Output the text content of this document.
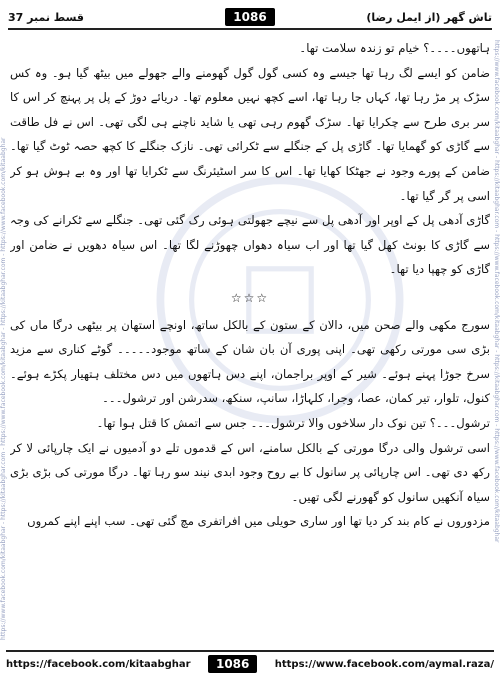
قسط نمبر 37	1086	تاش گھر (از ایمل رضا)
https://www.facebook.com/kitaabghar - https://kitaabghar.com - https://www.facebook.com/kitaabghar - https://kitaabghar.com - https://www.facebook.com/kitaabghar	https://www.facebook.com/kitaabghar - https://kitaabghar.com - https://www.facebook.com/kitaabghar - https://kitaabghar.com - https://www.facebook.com/kitaabghar

ہاتھوں۔۔۔۔؟ خیام تو زندہ سلامت تھا۔

ضامن کو ایسے لگ رہا تھا جیسے وہ کسی گول گول گھومنے والے جھولے میں بیٹھ گیا ہو۔ وہ کس سڑک پر مڑ رہا تھا، کہاں جا رہا تھا، اسے کچھ نہیں معلوم تھا۔ دریائے دوڑ کے پل پر پہنچ کر اس کا سر بری طرح سے چکرایا تھا۔ سڑک گھوم رہی تھی یا شاید ناچنے ہی لگی تھی۔ اس نے فل طاقت سے گاڑی کو گھمایا تھا۔ گاڑی پل کے جنگلے سے ٹکرائی تھی۔ نازک جنگلے کا کچھ حصہ ٹوٹ گیا تھا۔ ضامن کے پورے وجود نے جھٹکا کھایا تھا۔ اس کا سر اسٹیئرنگ سے ٹکرایا تھا اور وہ بے ہوش ہو کر اسی پر گر گیا تھا۔

گاڑی آدھی پل کے اوپر اور آدھی پل سے نیچے جھولتی ہوئی رک گئی تھی۔ جنگلے سے ٹکرانے کی وجہ سے گاڑی کا بونٹ کھل گیا تھا اور اب سیاہ دھواں چھوڑنے لگا تھا۔ اس سیاہ دھویں نے ضامن اور گاڑی کو چھپا دیا تھا۔

☆☆☆

سورج مکھی والے صحن میں، دالان کے ستون کے بالکل ساتھ، اونچے استھان پر بیٹھی درگا ماں کی بڑی سی مورتی رکھی تھی۔ اپنی پوری آن بان شان کے ساتھ موجود۔۔۔۔۔ گوٹے کناری سے مزید سرخ جوڑا پہنے ہوئے۔ شیر کے اوپر براجمان، اپنے دس ہاتھوں میں دس مختلف ہتھیار پکڑے ہوئے۔ کنول، تلوار، تیر کمان، عصا، وجرا، کلہاڑا، سانپ، سنکھ، سدرشن اور ترشول۔۔۔

ترشول۔۔۔؟ تین نوک دار سلاخوں والا ترشول۔۔۔ جس سے اتمش کا قتل ہوا تھا۔

اسی ترشول والی درگا مورتی کے بالکل سامنے، اس کے قدموں تلے دو آدمیوں نے ایک چارپائی لا کر رکھ دی تھی۔ اس چارپائی پر سانول کا بے روح وجود ابدی نیند سو رہا تھا۔ درگا مورتی کی بڑی بڑی سیاہ آنکھیں سانول کو گھورنے لگی تھیں۔

مزدوروں نے کام بند کر دیا تھا اور ساری حویلی میں افراتفری مچ گئی تھی۔ سب اپنے اپنے کمروں

https://facebook.com/kitaabghar	1086	https://www.facebook.com/aymal.raza/
